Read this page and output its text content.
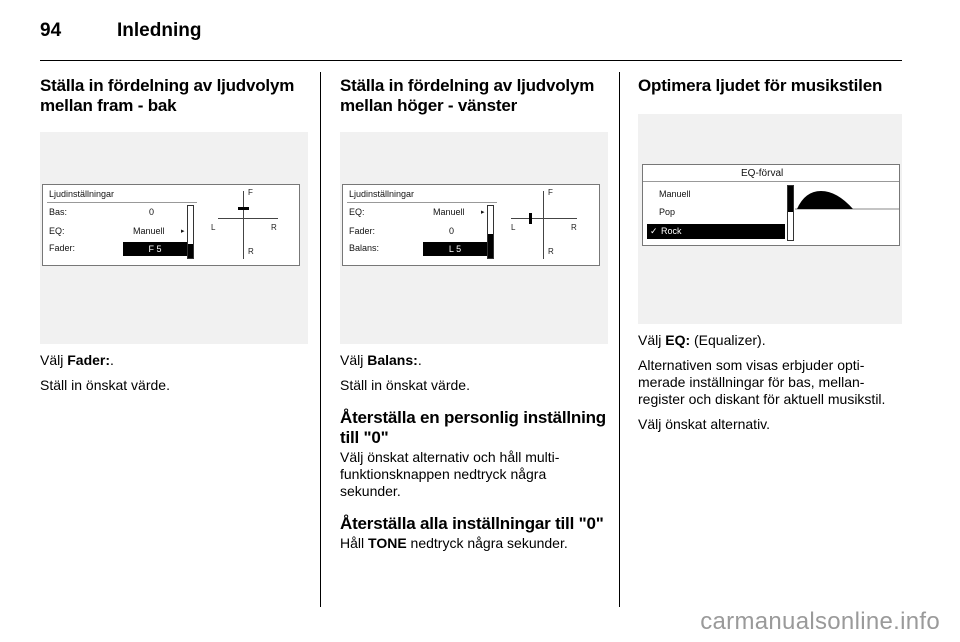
94	Inledning
Ställa in fördelning av ljudvolym mellan fram - bak
Ljudinställningar
Bas:	0
EQ:	Manuell ▸
Fader:	F 5
F
R
L	R

Välj Fader:.

Ställ in önskat värde.

Ställa in fördelning av ljudvolym mellan höger - vänster
Ljudinställningar
EQ:	Manuell ▸
Fader:	0
Balans:	L 5
F
R
L	R

Välj Balans:.

Ställ in önskat värde.

Återställa en personlig inställning till "0"

Välj önskat alternativ och håll multifunktionsknappen nedtryck några sekunder.

Återställa alla inställningar till "0"

Håll TONE nedtryck några sekunder.

Optimera ljudet för musikstilen
EQ-förval
Manuell
Pop
✓ Rock

Välj EQ: (Equalizer).

Alternativen som visas erbjuder optimerade inställningar för bas, mellanregister och diskant för aktuell musikstil.

Välj önskat alternativ.

carmanualsonline.info
